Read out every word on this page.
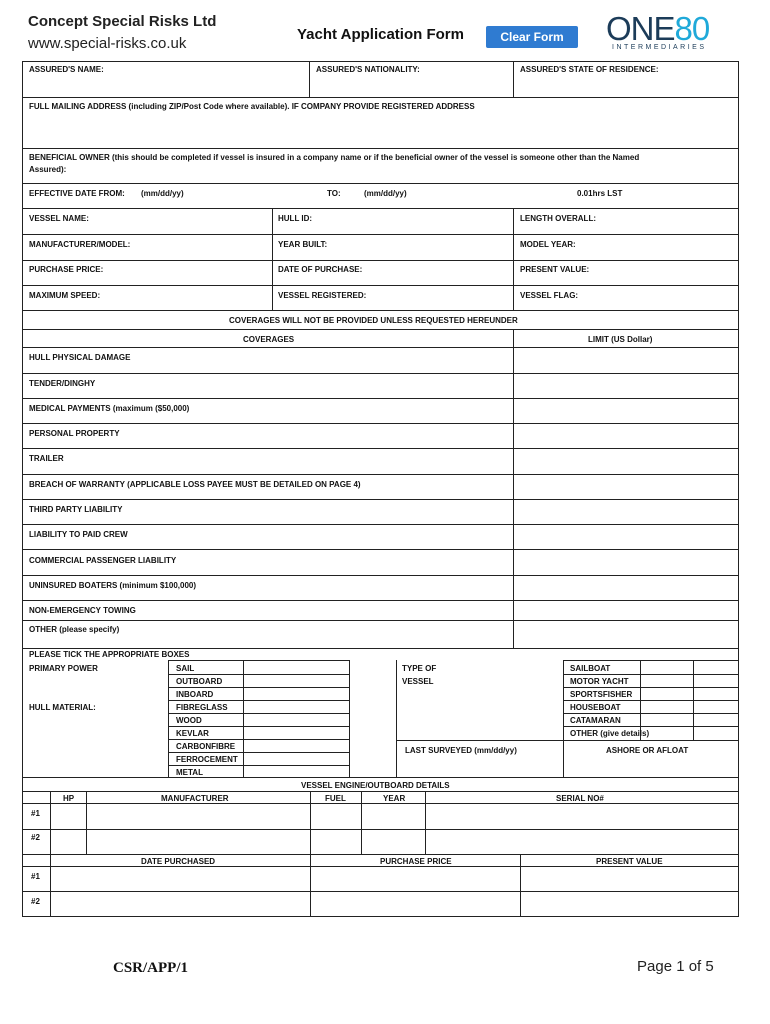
Concept Special Risks Ltd
www.special-risks.co.uk
Yacht Application Form	Clear Form	ONE80
INTERMEDIARIES
ASSURED'S NAME:	ASSURED'S NATIONALITY:	ASSURED'S STATE OF RESIDENCE:
FULL MAILING ADDRESS (including ZIP/Post Code where available). IF COMPANY PROVIDE REGISTERED ADDRESS
BENEFICIAL OWNER (this should be completed if vessel is insured in a company name or if the beneficial owner of the vessel is someone other than the Named
Assured):
EFFECTIVE DATE FROM: (mm/dd/yy)	TO:	(mm/dd/yy)	0.01hrs LST
VESSEL NAME:	HULL ID:	LENGTH OVERALL:
MANUFACTURER/MODEL:	YEAR BUILT:	MODEL YEAR:
PURCHASE PRICE:	DATE OF PURCHASE:	PRESENT VALUE:
MAXIMUM SPEED:	VESSEL REGISTERED:	VESSEL FLAG:
COVERAGES WILL NOT BE PROVIDED UNLESS REQUESTED HEREUNDER
COVERAGES	LIMIT (US Dollar)
HULL PHYSICAL DAMAGE
TENDER/DINGHY
MEDICAL PAYMENTS (maximum ($50,000)
PERSONAL PROPERTY
TRAILER
BREACH OF WARRANTY (APPLICABLE LOSS PAYEE MUST BE DETAILED ON PAGE 4)
THIRD PARTY LIABILITY
LIABILITY TO PAID CREW
COMMERCIAL PASSENGER LIABILITY
UNINSURED BOATERS (minimum $100,000)
NON-EMERGENCY TOWING
OTHER (please specify)
PLEASE TICK THE APPROPRIATE BOXES
PRIMARY POWER	SAIL
OUTBOARD
INBOARD
HULL MATERIAL:	FIBREGLASS
WOOD
KEVLAR
CARBONFIBRE
FERROCEMENT
METAL
TYPE OF
VESSEL
SAILBOAT
MOTOR YACHT
SPORTSFISHER
HOUSEBOAT
CATAMARAN
OTHER (give details)
LAST SURVEYED (mm/dd/yy)	ASHORE OR AFLOAT
VESSEL ENGINE/OUTBOARD DETAILS
HP	MANUFACTURER	FUEL	YEAR	SERIAL NO#
#1
#2
DATE PURCHASED	PURCHASE PRICE	PRESENT VALUE
#1
#2
CSR/APP/1	Page 1 of 5
